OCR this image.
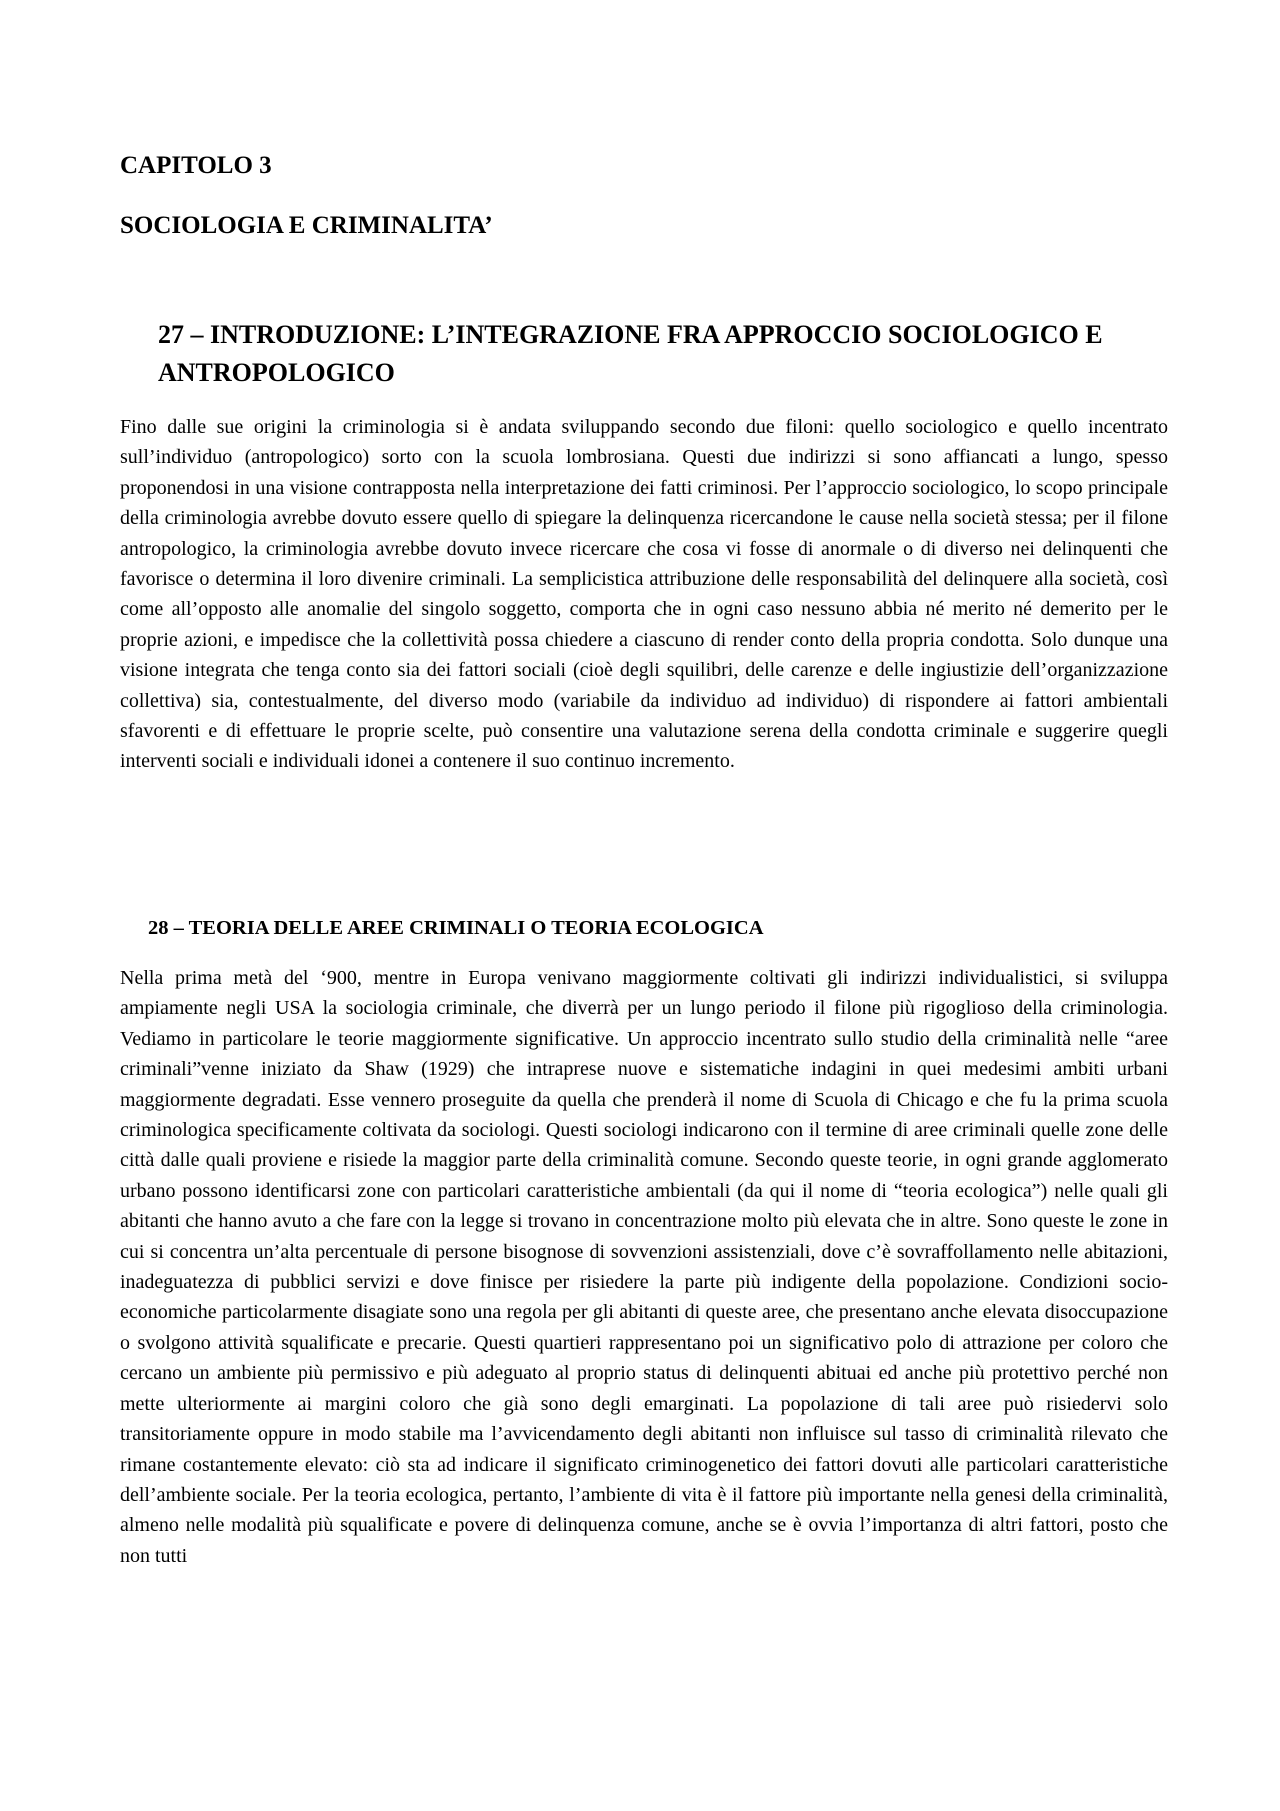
CAPITOLO 3
SOCIOLOGIA E CRIMINALITA’
27 – INTRODUZIONE: L’INTEGRAZIONE FRA APPROCCIO SOCIOLOGICO E ANTROPOLOGICO

Fino dalle sue origini la criminologia si è andata sviluppando secondo due filoni: quello sociologico e quello incentrato sull’individuo (antropologico) sorto con la scuola lombrosiana. Questi due indirizzi si sono affiancati a lungo, spesso proponendosi in una visione contrapposta nella interpretazione dei fatti criminosi. Per l’approccio sociologico, lo scopo principale della criminologia avrebbe dovuto essere quello di spiegare la delinquenza ricercandone le cause nella società stessa; per il filone antropologico, la criminologia avrebbe dovuto invece ricercare che cosa vi fosse di anormale o di diverso nei delinquenti che favorisce o determina il loro divenire criminali. La semplicistica attribuzione delle responsabilità del delinquere alla società, così come all’opposto alle anomalie del singolo soggetto, comporta che in ogni caso nessuno abbia né merito né demerito per le proprie azioni, e impedisce che la collettività possa chiedere a ciascuno di render conto della propria condotta. Solo dunque una visione integrata che tenga conto sia dei fattori sociali (cioè degli squilibri, delle carenze e delle ingiustizie dell’organizzazione collettiva) sia, contestualmente, del diverso modo (variabile da individuo ad individuo) di rispondere ai fattori ambientali sfavorenti e di effettuare le proprie scelte, può consentire una valutazione serena della condotta criminale e suggerire quegli interventi sociali e individuali idonei a contenere il suo continuo incremento.

28 – TEORIA DELLE AREE CRIMINALI O TEORIA ECOLOGICA

Nella prima metà del ‘900, mentre in Europa venivano maggiormente coltivati gli indirizzi individualistici, si sviluppa ampiamente negli USA la sociologia criminale, che diverrà per un lungo periodo il filone più rigoglioso della criminologia. Vediamo in particolare le teorie maggiormente significative. Un approccio incentrato sullo studio della criminalità nelle “aree criminali”venne iniziato da Shaw (1929) che intraprese nuove e sistematiche indagini in quei medesimi ambiti urbani maggiormente degradati. Esse vennero proseguite da quella che prenderà il nome di Scuola di Chicago e che fu la prima scuola criminologica specificamente coltivata da sociologi. Questi sociologi indicarono con il termine di aree criminali quelle zone delle città dalle quali proviene e risiede la maggior parte della criminalità comune. Secondo queste teorie, in ogni grande agglomerato urbano possono identificarsi zone con particolari caratteristiche ambientali (da qui il nome di “teoria ecologica”) nelle quali gli abitanti che hanno avuto a che fare con la legge si trovano in concentrazione molto più elevata che in altre. Sono queste le zone in cui si concentra un’alta percentuale di persone bisognose di sovvenzioni assistenziali, dove c’è sovraffollamento nelle abitazioni, inadeguatezza di pubblici servizi e dove finisce per risiedere la parte più indigente della popolazione. Condizioni socio-economiche particolarmente disagiate sono una regola per gli abitanti di queste aree, che presentano anche elevata disoccupazione o svolgono attività squalificate e precarie. Questi quartieri rappresentano poi un significativo polo di attrazione per coloro che cercano un ambiente più permissivo e più adeguato al proprio status di delinquenti abituai ed anche più protettivo perché non mette ulteriormente ai margini coloro che già sono degli emarginati. La popolazione di tali aree può risiedervi solo transitoriamente oppure in modo stabile ma l’avvicendamento degli abitanti non influisce sul tasso di criminalità rilevato che rimane costantemente elevato: ciò sta ad indicare il significato criminogenetico dei fattori dovuti alle particolari caratteristiche dell’ambiente sociale. Per la teoria ecologica, pertanto, l’ambiente di vita è il fattore più importante nella genesi della criminalità, almeno nelle modalità più squalificate e povere di delinquenza comune, anche se è ovvia l’importanza di altri fattori, posto che non tutti
